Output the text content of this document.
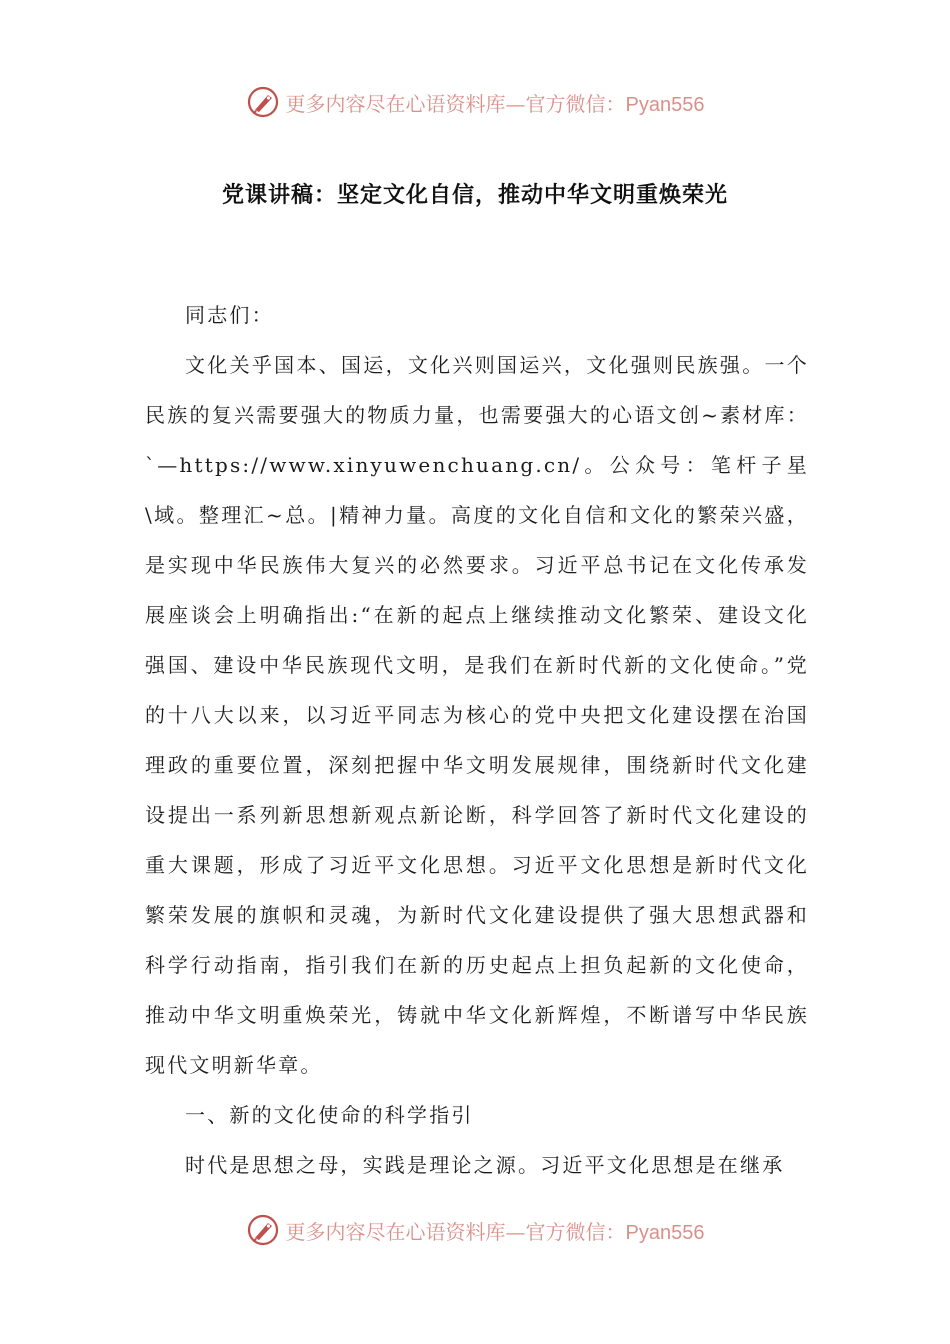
更多内容尽在心语资料库—官方微信：Pyan556
党课讲稿：坚定文化自信，推动中华文明重焕荣光

同志们：

文化关乎国本、国运，文化兴则国运兴，文化强则民族强。一个民族的复兴需要强大的物质力量，也需要强大的心语文创~素材库：`—https://www.xinyuwenchuang.cn/。公众号：笔杆子星\域。整理汇~总。|精神力量。高度的文化自信和文化的繁荣兴盛，是实现中华民族伟大复兴的必然要求。习近平总书记在文化传承发展座谈会上明确指出:“在新的起点上继续推动文化繁荣、建设文化强国、建设中华民族现代文明，是我们在新时代新的文化使命。”党的十八大以来，以习近平同志为核心的党中央把文化建设摆在治国理政的重要位置，深刻把握中华文明发展规律，围绕新时代文化建设提出一系列新思想新观点新论断，科学回答了新时代文化建设的重大课题，形成了习近平文化思想。习近平文化思想是新时代文化繁荣发展的旗帜和灵魂，为新时代文化建设提供了强大思想武器和科学行动指南，指引我们在新的历史起点上担负起新的文化使命，推动中华文明重焕荣光，铸就中华文化新辉煌，不断谱写中华民族现代文明新华章。

一、新的文化使命的科学指引

时代是思想之母，实践是理论之源。习近平文化思想是在继承

更多内容尽在心语资料库—官方微信：Pyan556
